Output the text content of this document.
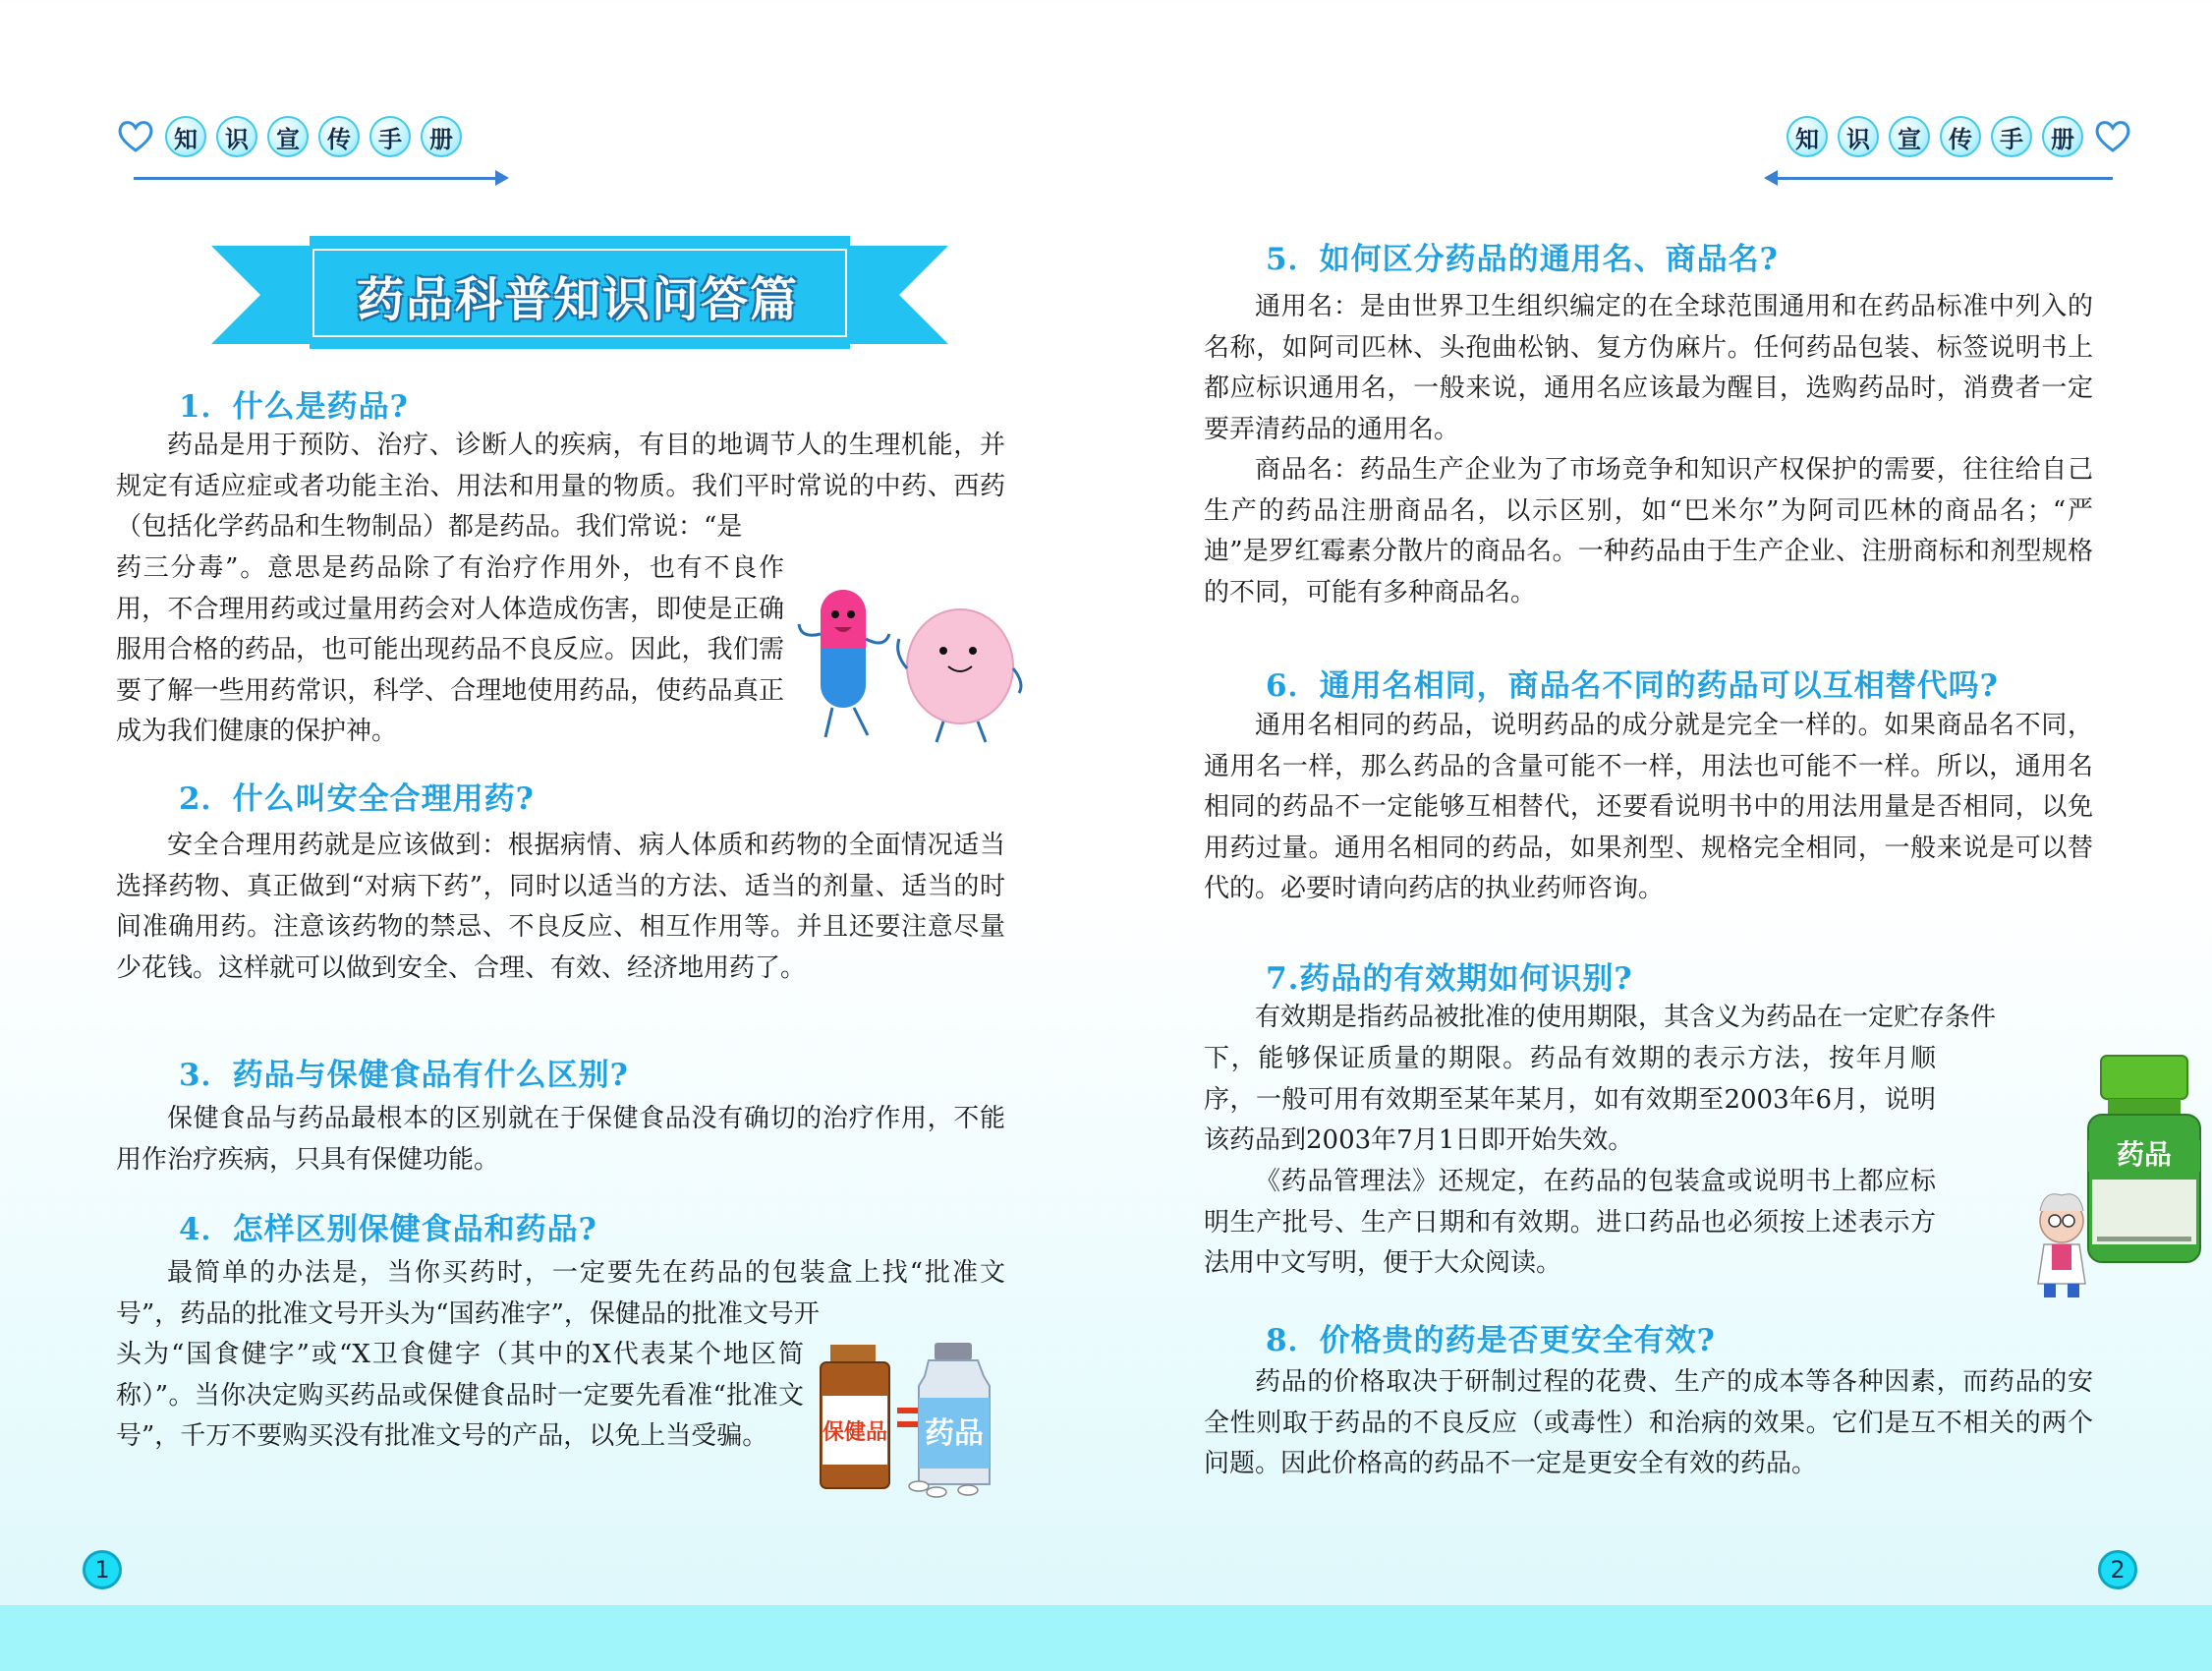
知	识	宣	传	手	册
药品科普知识问答篇
1．什么是药品?

药品是用于预防、治疗、诊断人的疾病，有目的地调节人的生理机能，并规定有适应症或者功能主治、用法和用量的物质。我们平时常说的中药、西药（包括化学药品和生物制品）都是药品。我们常说：“是

药三分毒”。意思是药品除了有治疗作用外，也有不良作用，不合理用药或过量用药会对人体造成伤害，即使是正确服用合格的药品，也可能出现药品不良反应。因此，我们需要了解一些用药常识，科学、合理地使用药品，使药品真正成为我们健康的保护神。

2．什么叫安全合理用药?

安全合理用药就是应该做到：根据病情、病人体质和药物的全面情况适当选择药物、真正做到“对病下药”，同时以适当的方法、适当的剂量、适当的时间准确用药。注意该药物的禁忌、不良反应、相互作用等。并且还要注意尽量少花钱。这样就可以做到安全、合理、有效、经济地用药了。

3．药品与保健食品有什么区别?

保健食品与药品最根本的区别就在于保健食品没有确切的治疗作用，不能用作治疗疾病，只具有保健功能。

4．怎样区别保健食品和药品?

最简单的办法是，当你买药时，一定要先在药品的包装盒上找“批准文号”，药品的批准文号开头为“国药准字”，保健品的批准文号开

头为“国食健字”或“X卫食健字（其中的X代表某个地区简称）”。当你决定购买药品或保健食品时一定要先看准“批准文号”，千万不要购买没有批准文号的产品，以免上当受骗。	保健品 药品
1
知	识	宣	传	手	册
5．如何区分药品的通用名、商品名?

通用名：是由世界卫生组织编定的在全球范围通用和在药品标准中列入的名称，如阿司匹林、头孢曲松钠、复方伪麻片。任何药品包装、标签说明书上都应标识通用名，一般来说，通用名应该最为醒目，选购药品时，消费者一定要弄清药品的通用名。

商品名：药品生产企业为了市场竞争和知识产权保护的需要，往往给自己生产的药品注册商品名，以示区别，如“巴米尔”为阿司匹林的商品名；“严迪”是罗红霉素分散片的商品名。一种药品由于生产企业、注册商标和剂型规格的不同，可能有多种商品名。

6．通用名相同，商品名不同的药品可以互相替代吗?

通用名相同的药品，说明药品的成分就是完全一样的。如果商品名不同，通用名一样，那么药品的含量可能不一样，用法也可能不一样。所以，通用名相同的药品不一定能够互相替代，还要看说明书中的用法用量是否相同，以免用药过量。通用名相同的药品，如果剂型、规格完全相同，一般来说是可以替代的。必要时请向药店的执业药师咨询。

7.药品的有效期如何识别?

有效期是指药品被批准的使用期限，其含义为药品在一定贮存条件

下，能够保证质量的期限。药品有效期的表示方法，按年月顺序，一般可用有效期至某年某月，如有效期至2003年6月，说明该药品到2003年7月1日即开始失效。

《药品管理法》还规定，在药品的包装盒或说明书上都应标明生产批号、生产日期和有效期。进口药品也必须按上述表示方法用中文写明，便于大众阅读。

药品
8．价格贵的药是否更安全有效?

药品的价格取决于研制过程的花费、生产的成本等各种因素，而药品的安全性则取于药品的不良反应（或毒性）和治病的效果。它们是互不相关的两个问题。因此价格高的药品不一定是更安全有效的药品。

2
